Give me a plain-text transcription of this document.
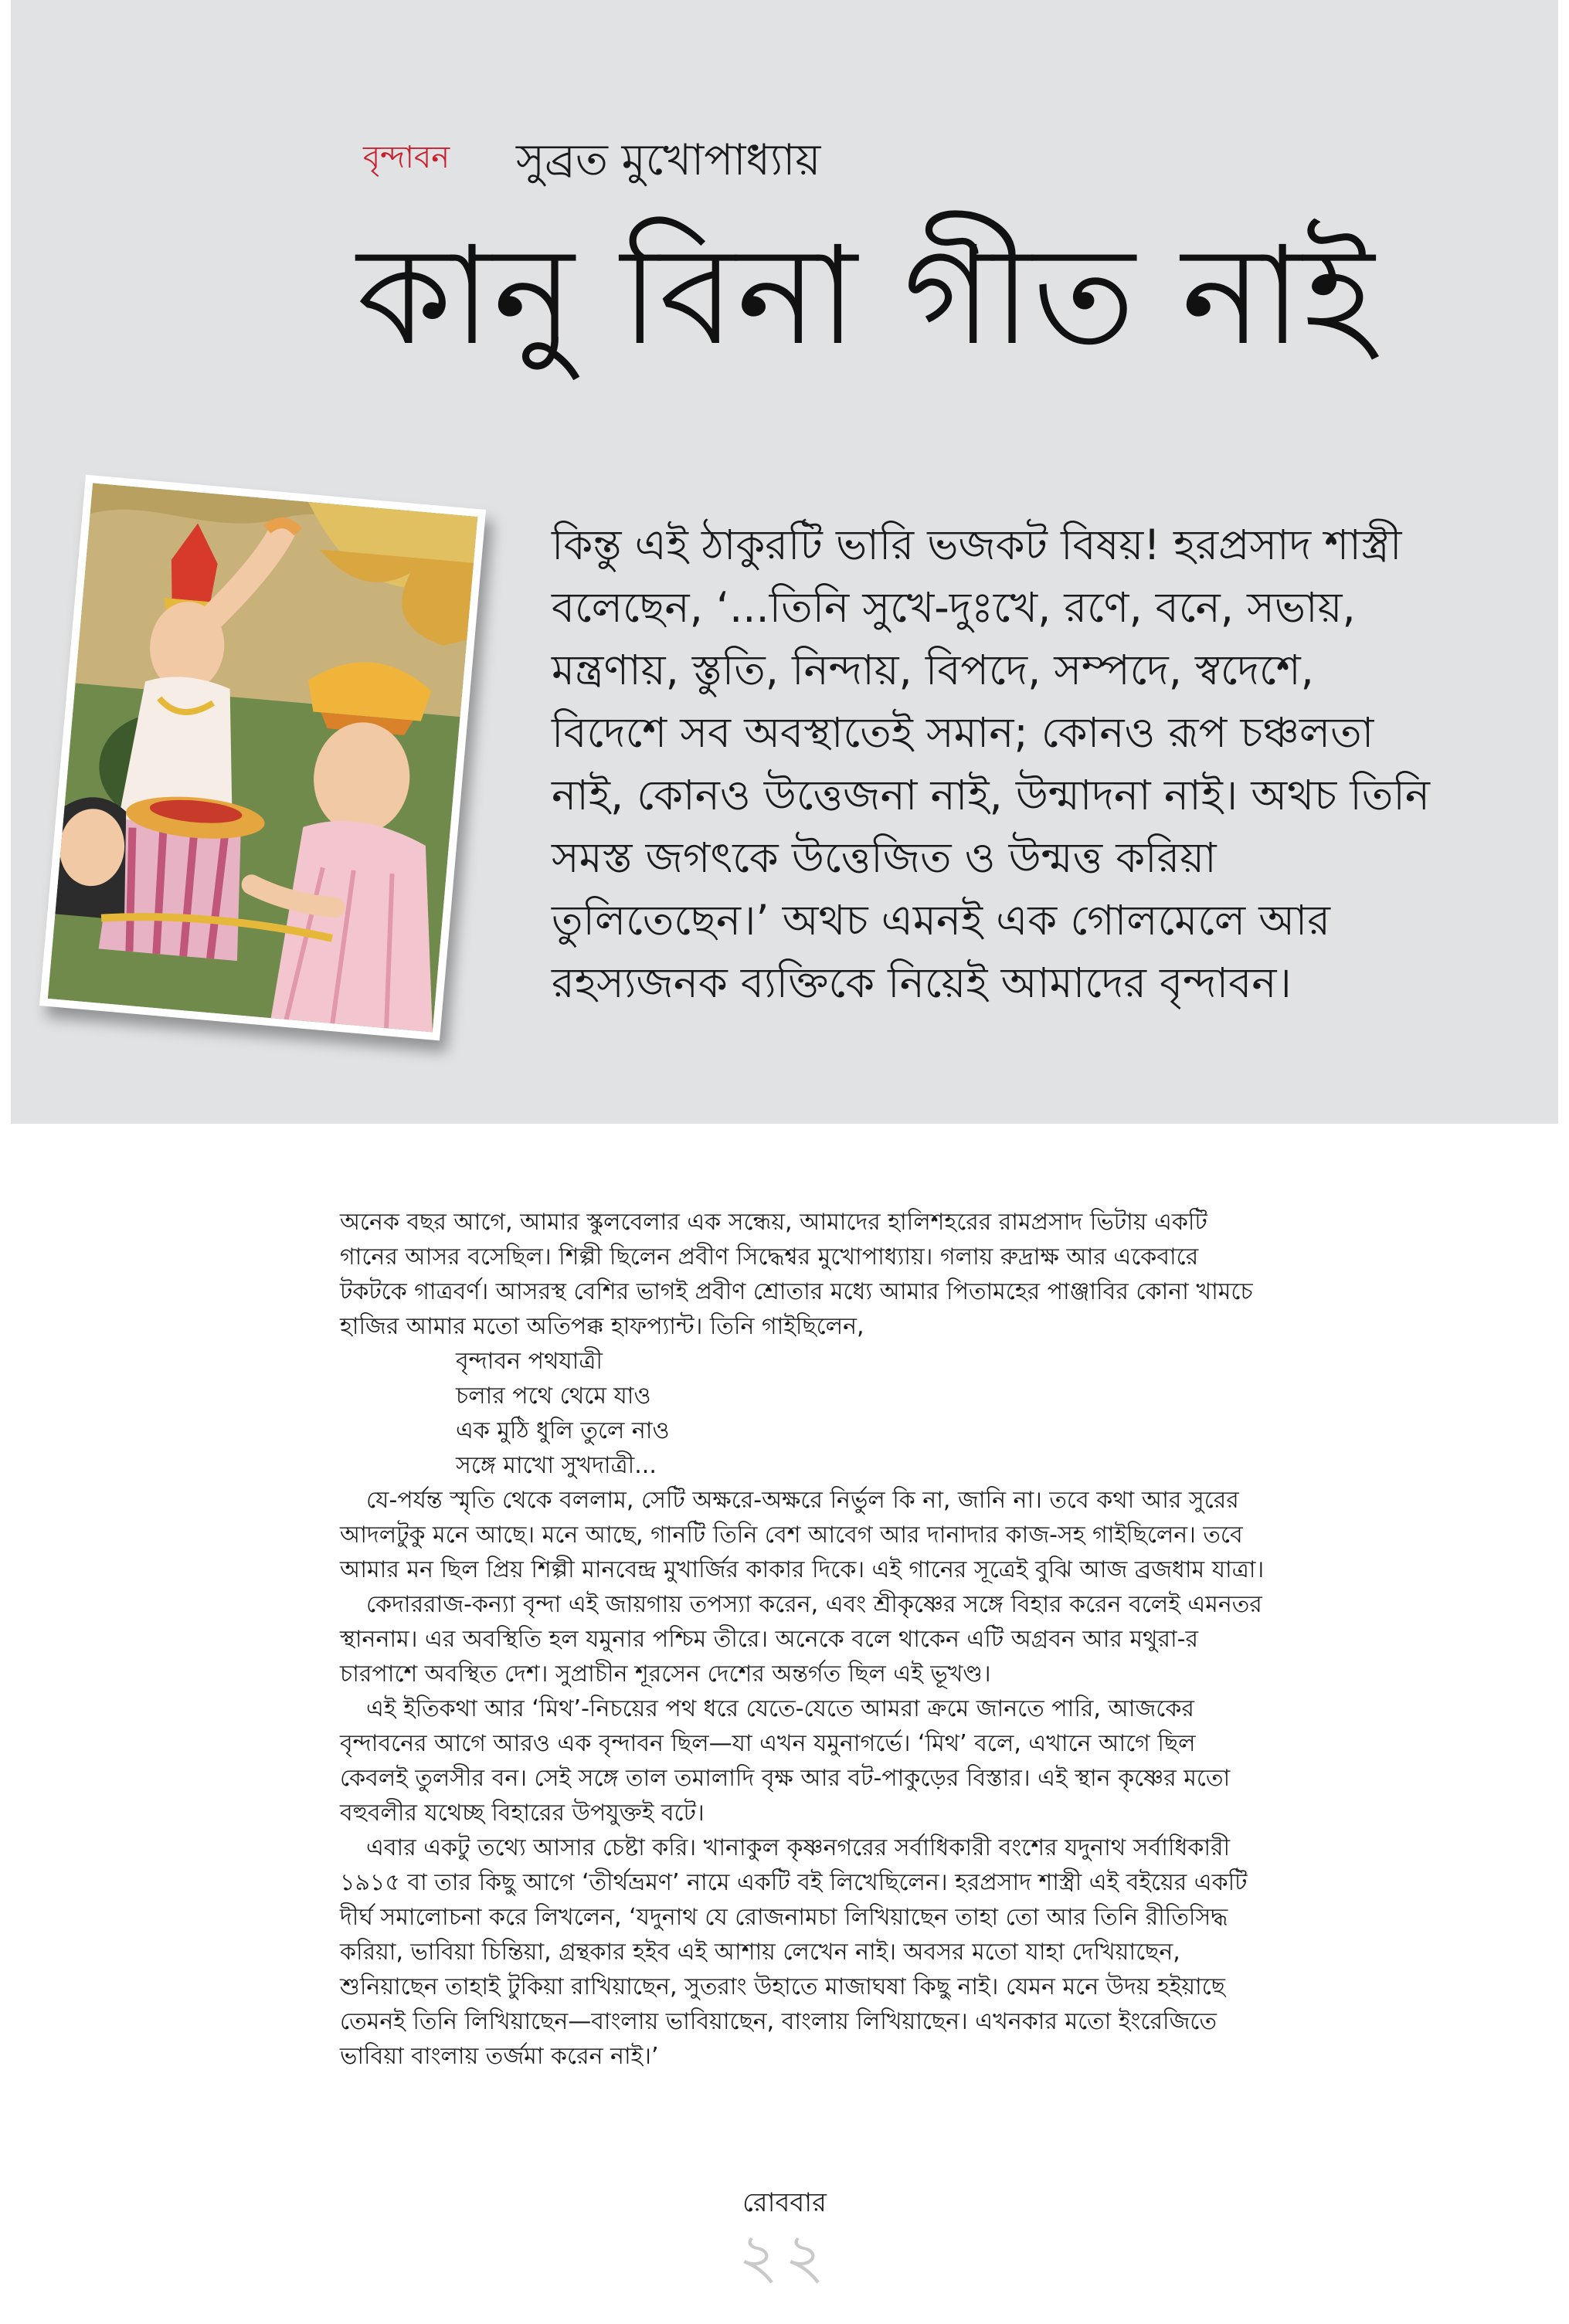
বৃন্দাবন সুব্রত মুখোপাধ্যায়
কানু বিনা গীত নাই
কিন্তু এই ঠাকুরটি ভারি ভজকট বিষয়! হরপ্রসাদ শাস্ত্রী
বলেছেন, ‘...তিনি সুখে-দুঃখে, রণে, বনে, সভায়,
মন্ত্রণায়, স্তুতি, নিন্দায়, বিপদে, সম্পদে, স্বদেশে,
বিদেশে সব অবস্থাতেই সমান; কোনও রূপ চঞ্চলতা
নাই, কোনও উত্তেজনা নাই, উন্মাদনা নাই। অথচ তিনি
সমস্ত জগৎকে উত্তেজিত ও উন্মত্ত করিয়া
তুলিতেছেন।’ অথচ এমনই এক গোলমেলে আর
রহস্যজনক ব্যক্তিকে নিয়েই আমাদের বৃন্দাবন।

অনেক বছর আগে, আমার স্কুলবেলার এক সন্ধেয়, আমাদের হালিশহরের রামপ্রসাদ ভিটায় একটি গানের আসর বসেছিল। শিল্পী ছিলেন প্রবীণ সিদ্ধেশ্বর মুখোপাধ্যায়। গলায় রুদ্রাক্ষ আর একেবারে টকটকে গাত্রবর্ণ। আসরস্থ বেশির ভাগই প্রবীণ শ্রোতার মধ্যে আমার পিতামহের পাঞ্জাবির কোনা খামচে হাজির আমার মতো অতিপক্ক হাফপ্যান্ট। তিনি গাইছিলেন,

বৃন্দাবন পথযাত্রী
চলার পথে থেমে যাও
এক মুঠি ধুলি তুলে নাও
সঙ্গে মাখো সুখদাত্রী...

যে-পর্যন্ত স্মৃতি থেকে বললাম, সেটি অক্ষরে-অক্ষরে নির্ভুল কি না, জানি না। তবে কথা আর সুরের আদলটুকু মনে আছে। মনে আছে, গানটি তিনি বেশ আবেগ আর দানাদার কাজ-সহ গাইছিলেন। তবে আমার মন ছিল প্রিয় শিল্পী মানবেন্দ্র মুখার্জির কাকার দিকে। এই গানের সূত্রেই বুঝি আজ ব্রজধাম যাত্রা।

কেদাররাজ-কন্যা বৃন্দা এই জায়গায় তপস্যা করেন, এবং শ্রীকৃষ্ণের সঙ্গে বিহার করেন বলেই এমনতর স্থাননাম। এর অবস্থিতি হল যমুনার পশ্চিম তীরে। অনেকে বলে থাকেন এটি অগ্রবন আর মথুরা-র চারপাশে অবস্থিত দেশ। সুপ্রাচীন শূরসেন দেশের অন্তর্গত ছিল এই ভূখণ্ড।

এই ইতিকথা আর ‘মিথ’-নিচয়ের পথ ধরে যেতে-যেতে আমরা ক্রমে জানতে পারি, আজকের বৃন্দাবনের আগে আরও এক বৃন্দাবন ছিল—যা এখন যমুনাগর্ভে। ‘মিথ’ বলে, এখানে আগে ছিল কেবলই তুলসীর বন। সেই সঙ্গে তাল তমালাদি বৃক্ষ আর বট-পাকুড়ের বিস্তার। এই স্থান কৃষ্ণের মতো বহুবলীর যথেচ্ছ বিহারের উপযুক্তই বটে।

এবার একটু তথ্যে আসার চেষ্টা করি। খানাকুল কৃষ্ণনগরের সর্বাধিকারী বংশের যদুনাথ সর্বাধিকারী ১৯১৫ বা তার কিছু আগে ‘তীর্থভ্রমণ’ নামে একটি বই লিখেছিলেন। হরপ্রসাদ শাস্ত্রী এই বইয়ের একটি দীর্ঘ সমালোচনা করে লিখলেন, ‘যদুনাথ যে রোজনামচা লিখিয়াছেন তাহা তো আর তিনি রীতিসিদ্ধ করিয়া, ভাবিয়া চিন্তিয়া, গ্রন্থকার হইব এই আশায় লেখেন নাই। অবসর মতো যাহা দেখিয়াছেন, শুনিয়াছেন তাহাই টুকিয়া রাখিয়াছেন, সুতরাং উহাতে মাজাঘষা কিছু নাই। যেমন মনে উদয় হইয়াছে তেমনই তিনি লিখিয়াছেন—বাংলায় ভাবিয়াছেন, বাংলায় লিখিয়াছেন। এখনকার মতো ইংরেজিতে ভাবিয়া বাংলায় তর্জমা করেন নাই।’

রোববার
২২
